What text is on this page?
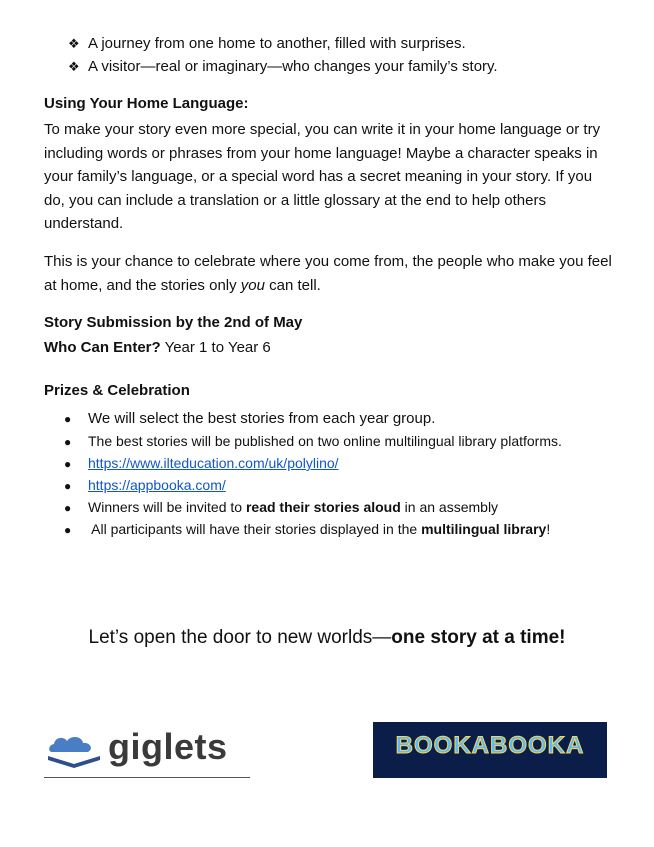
❖ A journey from one home to another, filled with surprises.
❖ A visitor—real or imaginary—who changes your family’s story.
Using Your Home Language:

To make your story even more special, you can write it in your home language or try including words or phrases from your home language! Maybe a character speaks in your family’s language, or a special word has a secret meaning in your story. If you do, you can include a translation or a little glossary at the end to help others understand.

This is your chance to celebrate where you come from, the people who make you feel at home, and the stories only you can tell.

Story Submission by the 2nd of May
Who Can Enter? Year 1 to Year 6
Prizes & Celebration
● We will select the best stories from each year group.
● The best stories will be published on two online multilingual library platforms.
● https://www.ilteducation.com/uk/polylino/
● https://appbooka.com/
● Winners will be invited to read their stories aloud in an assembly
● All participants will have their stories displayed in the multilingual library!
Let’s open the door to new worlds—one story at a time!
giglets	BOOKABOOKA
